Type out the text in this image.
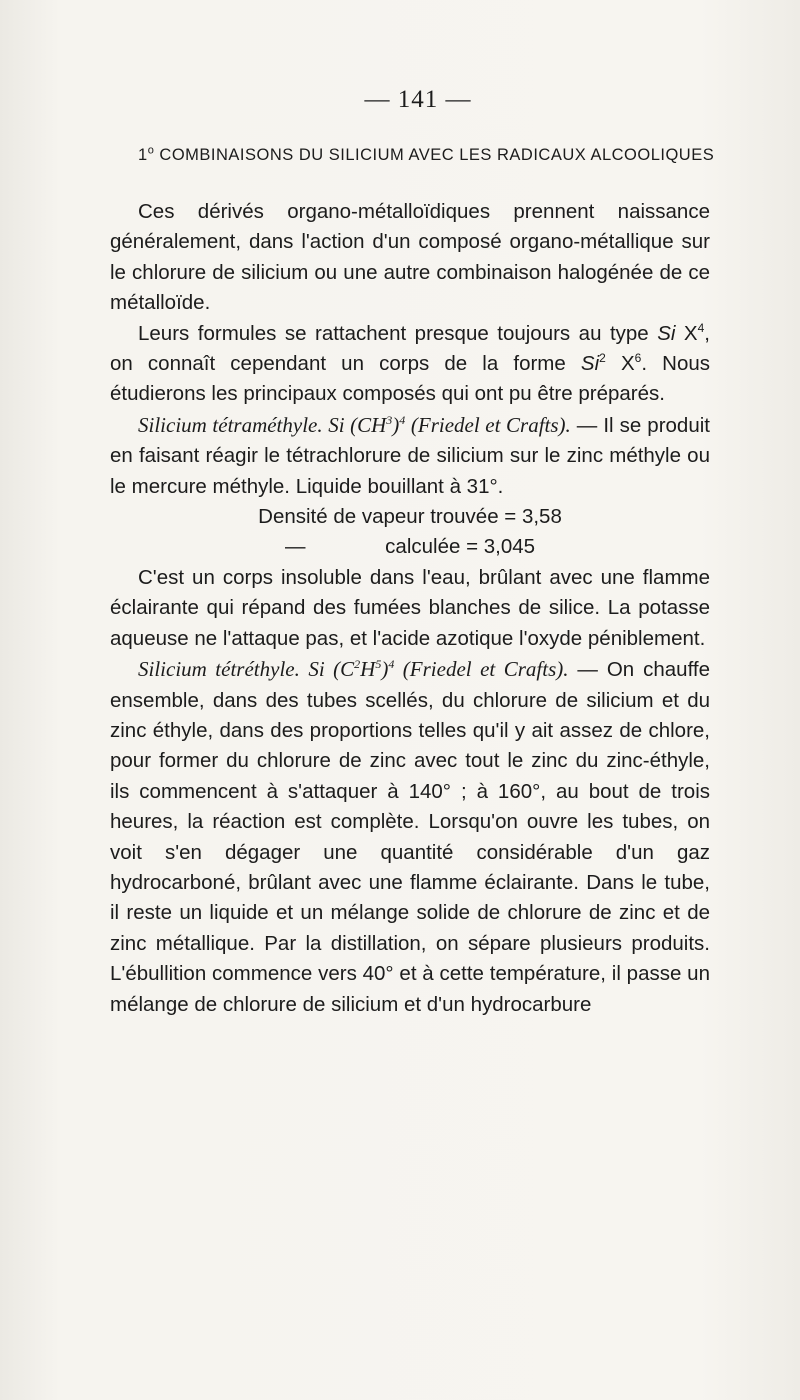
— 141 —
1$^o$ COMBINAISONS DU SILICIUM AVEC LES RADICAUX ALCOOLIQUES

Ces dérivés organo-métalloïdiques prennent naissance généralement, dans l'action d'un composé organo-métallique sur le chlorure de silicium ou une autre combinaison halogénée de ce métalloïde.

Leurs formules se rattachent presque toujours au type Si $X^4$, on connaît cependant un corps de la forme Si$^2$ $X^6$. Nous étudierons les principaux composés qui ont pu être préparés.

Silicium tétraméthyle. Si $(CH^3)^4$ (Friedel et Crafts). — Il se produit en faisant réagir le tétrachlorure de silicium sur le zinc méthyle ou le mercure méthyle. Liquide bouillant à 31°.

Densité de vapeur trouvée = 3,58

—              calculée = 3,045

C'est un corps insoluble dans l'eau, brûlant avec une flamme éclairante qui répand des fumées blanches de silice. La potasse aqueuse ne l'attaque pas, et l'acide azotique l'oxyde péniblement.

Silicium tétréthyle. Si $(C^2H^5)^4$ (Friedel et Crafts). — On chauffe ensemble, dans des tubes scellés, du chlorure de silicium et du zinc éthyle, dans des proportions telles qu'il y ait assez de chlore, pour former du chlorure de zinc avec tout le zinc du zinc-éthyle, ils commencent à s'attaquer à 140° ; à 160°, au bout de trois heures, la réaction est complète. Lorsqu'on ouvre les tubes, on voit s'en dégager une quantité considérable d'un gaz hydrocarboné, brûlant avec une flamme éclairante. Dans le tube, il reste un liquide et un mélange solide de chlorure de zinc et de zinc métallique. Par la distillation, on sépare plusieurs produits. L'ébullition commence vers 40° et à cette température, il passe un mélange de chlorure de silicium et d'un hydrocarbure
